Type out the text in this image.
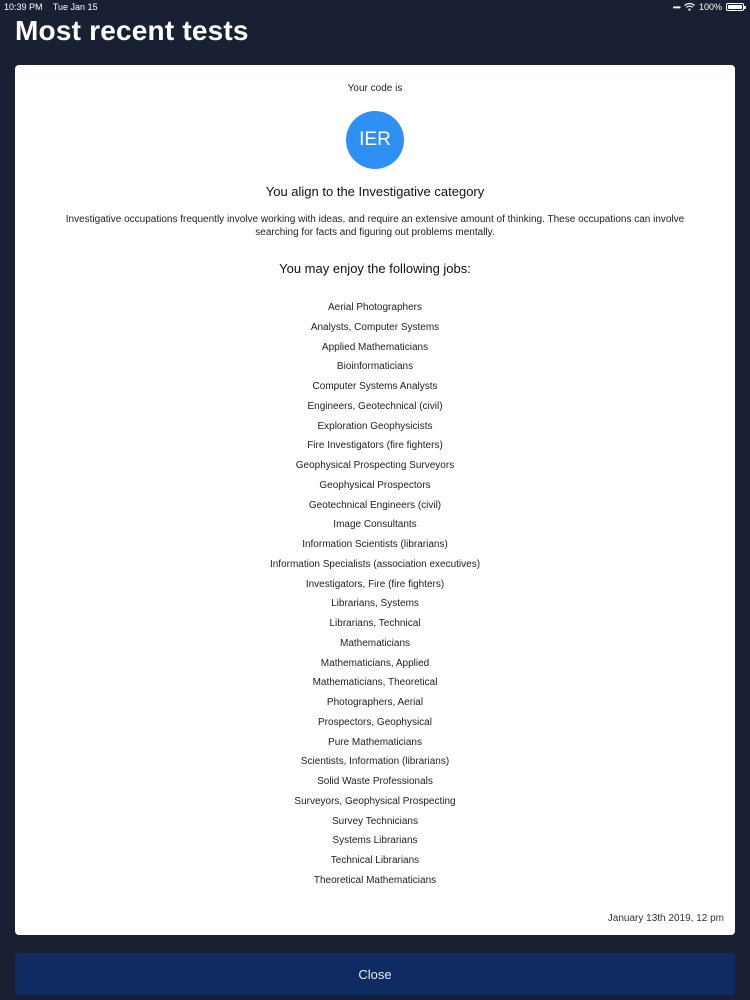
10:39 PM Tue Jan 15	•••• 100%
Most recent tests
Your code is
IER
You align to the Investigative category
Investigative occupations frequently involve working with ideas, and require an extensive amount of thinking. These occupations can involve searching for facts and figuring out problems mentally.
You may enjoy the following jobs:
Aerial Photographers
Analysts, Computer Systems
Applied Mathematicians
Bioinformaticians
Computer Systems Analysts
Engineers, Geotechnical (civil)
Exploration Geophysicists
Fire Investigators (fire fighters)
Geophysical Prospecting Surveyors
Geophysical Prospectors
Geotechnical Engineers (civil)
Image Consultants
Information Scientists (librarians)
Information Specialists (association executives)
Investigators, Fire (fire fighters)
Librarians, Systems
Librarians, Technical
Mathematicians
Mathematicians, Applied
Mathematicians, Theoretical
Photographers, Aerial
Prospectors, Geophysical
Pure Mathematicians
Scientists, Information (librarians)
Solid Waste Professionals
Surveyors, Geophysical Prospecting
Survey Technicians
Systems Librarians
Technical Librarians
Theoretical Mathematicians
January 13th 2019, 12 pm
Close
